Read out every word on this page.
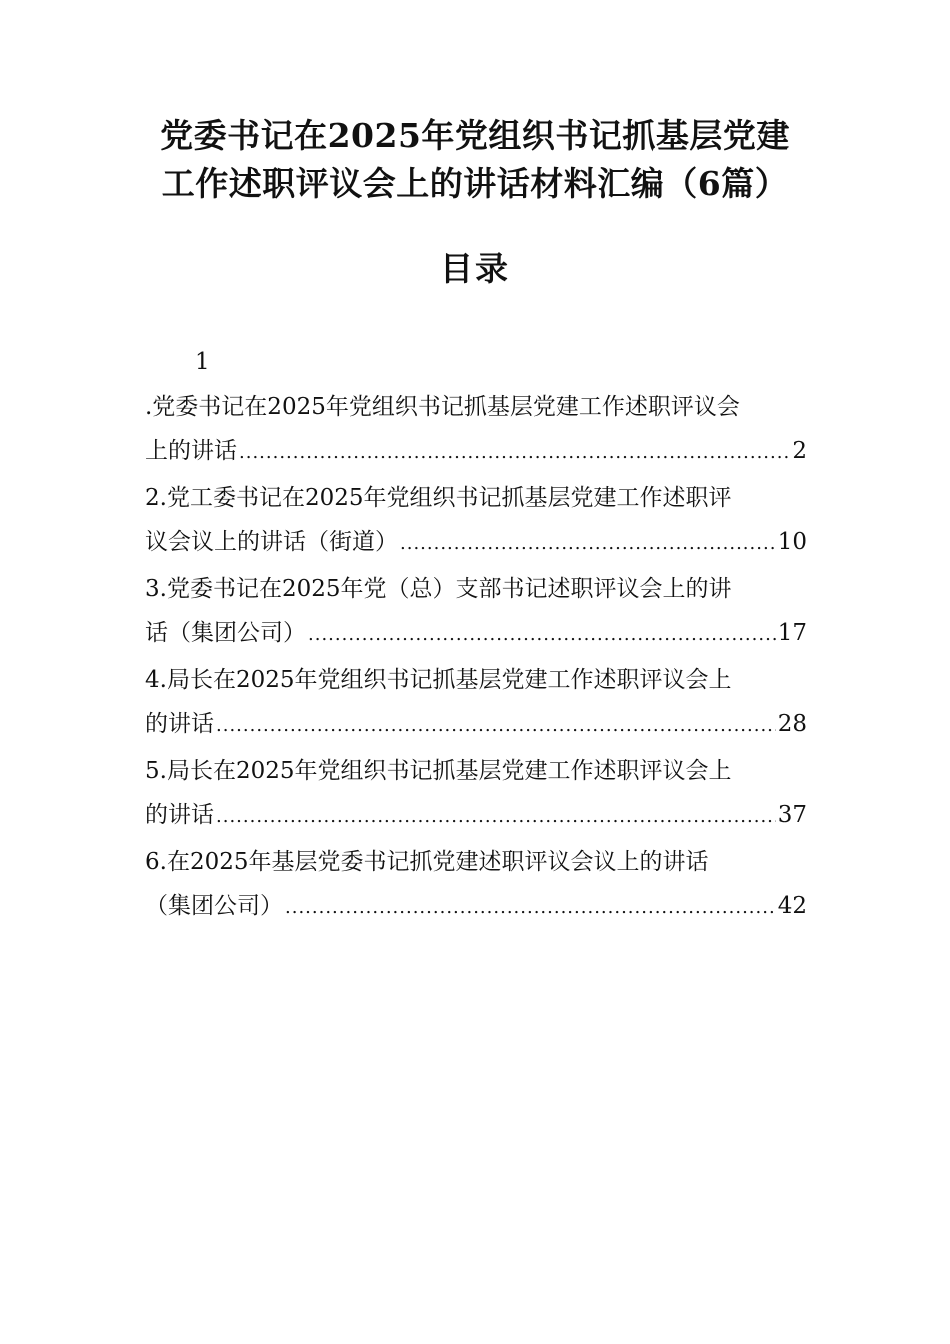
党委书记在2025年党组织书记抓基层党建
工作述职评议会上的讲话材料汇编（6篇）
目录
1
.党委书记在2025年党组织书记抓基层党建工作述职评议会
上的讲话 .....	2
2.党工委书记在2025年党组织书记抓基层党建工作述职评
议会议上的讲话（街道） .....	10
3.党委书记在2025年党（总）支部书记述职评议会上的讲
话（集团公司） .....	17
4.局长在2025年党组织书记抓基层党建工作述职评议会上
的讲话 .....	28
5.局长在2025年党组织书记抓基层党建工作述职评议会上
的讲话 .....	37
6.在2025年基层党委书记抓党建述职评议会议上的讲话
（集团公司） .....	42
